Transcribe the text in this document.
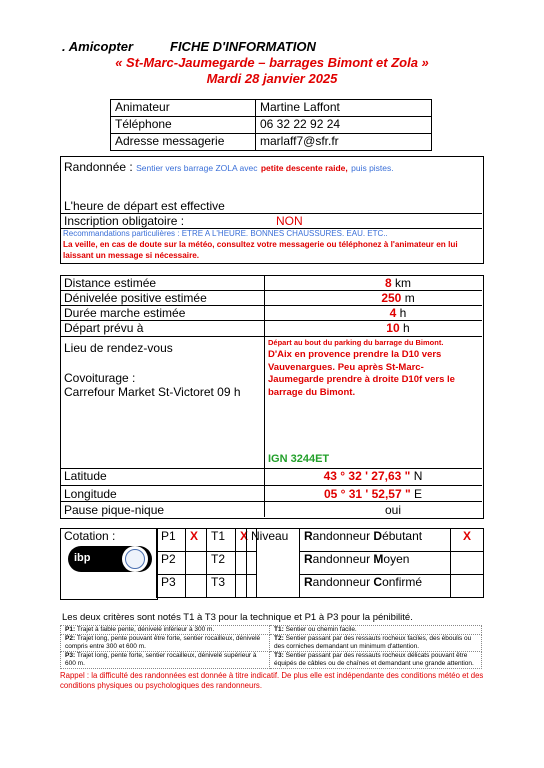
. Amicopter	FICHE D'INFORMATION
« St-Marc-Jaumegarde – barrages Bimont et Zola »
Mardi 28 janvier 2025
Animateur	Martine Laffont
Téléphone	06 32 22 92 24
Adresse messagerie	marlaff7@sfr.fr
Randonnée : Sentier vers barrage ZOLA avec petite descente raide, puis pistes.
L'heure de départ est effective
Inscription obligatoire :	NON
Recommandations particulières : ETRE A L'HEURE. BONNES CHAUSSURES. EAU. ETC..
La veille, en cas de doute sur la météo, consultez votre messagerie ou téléphonez à l'animateur en lui laissant un message si nécessaire.
Distance estimée	8 km
Dénivelée positive estimée	250 m
Durée marche estimée	4 h
Départ prévu à	10 h
Lieu de rendez-vous
Covoiturage :
Carrefour Market St-Victoret 09 h
Départ au bout du parking du barrage du Bimont.
D'Aix en provence prendre la D10 vers Vauvenargues. Peu après St-Marc-Jaumegarde prendre à droite D10f vers le barrage du Bimont.
IGN 3244ET
Latitude	43 ° 32 ' 27,63 " N
Longitude	05 ° 31 ' 52,57 " E
Pause pique-nique	oui
Cotation :
ibp
P1	X	T1	X
P2		T2	
P3		T3	
Niveau	Randonneur Débutant	X
	Randonneur Moyen	
	Randonneur Confirmé	
Les deux critères sont notés T1 à T3 pour la technique et P1 à P3 pour la pénibilité.
P1: Trajet à faible pente, dénivelé inférieur à 300 m.	T1: Sentier ou chemin facile.
P2: Trajet long, pente pouvant être forte, sentier rocailleux, dénivelé compris entre 300 et 600 m.	T2: Sentier passant par des ressauts rocheux faciles, des éboulis ou des corniches demandant un minimum d'attention.
P3: Trajet long, pente forte, sentier rocailleux, dénivelé supérieur à 600 m.	T3: Sentier passant par des ressauts rocheux délicats pouvant être équipés de câbles ou de chaînes et demandant une grande attention.
Rappel : la difficulté des randonnées est donnée à titre indicatif. De plus elle est indépendante des conditions météo et des conditions physiques ou psychologiques des randonneurs.
